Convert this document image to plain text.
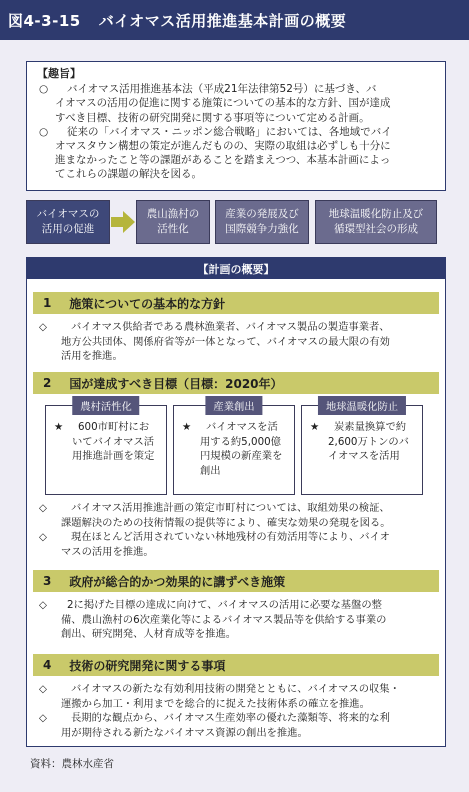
図4-3-15 バイオマス活用推進基本計画の概要
【趣旨】
○	バイオマス活用推進基本法（平成21年法律第52号）に基づき、バ
イオマスの活用の促進に関する施策についての基本的な方針、国が達成
すべき目標、技術の研究開発に関する事項等について定める計画。
○	従来の「バイオマス・ニッポン総合戦略」においては、各地域でバイ
オマスタウン構想の策定が進んだものの、実際の取組は必ずしも十分に
進まなかったこと等の課題があることを踏まえつつ、本基本計画によっ
てこれらの課題の解決を図る。
バイオマスの
活用の促進
農山漁村の
活性化
産業の発展及び
国際競争力強化
地球温暖化防止及び
循環型社会の形成
【計画の概要】
1 施策についての基本的な方針
◇	バイオマス供給者である農林漁業者、バイオマス製品の製造事業者、
地方公共団体、関係府省等が一体となって、バイオマスの最大限の有効
活用を推進。
2 国が達成すべき目標（目標：2020年）
農村活性化
★	600市町村にお
いてバイオマス活
用推進計画を策定
産業創出
★	バイオマスを活
用する約5,000億
円規模の新産業を
創出
地球温暖化防止
★	炭素量換算で約
2,600万トンのバ
イオマスを活用
◇	バイオマス活用推進計画の策定市町村については、取組効果の検証、
課題解決のための技術情報の提供等により、確実な効果の発現を図る。
◇	現在ほとんど活用されていない林地残材の有効活用等により、バイオ
マスの活用を推進。
3 政府が総合的かつ効果的に講ずべき施策
◇	2に掲げた目標の達成に向けて、バイオマスの活用に必要な基盤の整
備、農山漁村の6次産業化等によるバイオマス製品等を供給する事業の
創出、研究開発、人材育成等を推進。
4 技術の研究開発に関する事項
◇	バイオマスの新たな有効利用技術の開発とともに、バイオマスの収集・
運搬から加工・利用までを総合的に捉えた技術体系の確立を推進。
◇	長期的な観点から、バイオマス生産効率の優れた藻類等、将来的な利
用が期待される新たなバイオマス資源の創出を推進。
資料：農林水産省
